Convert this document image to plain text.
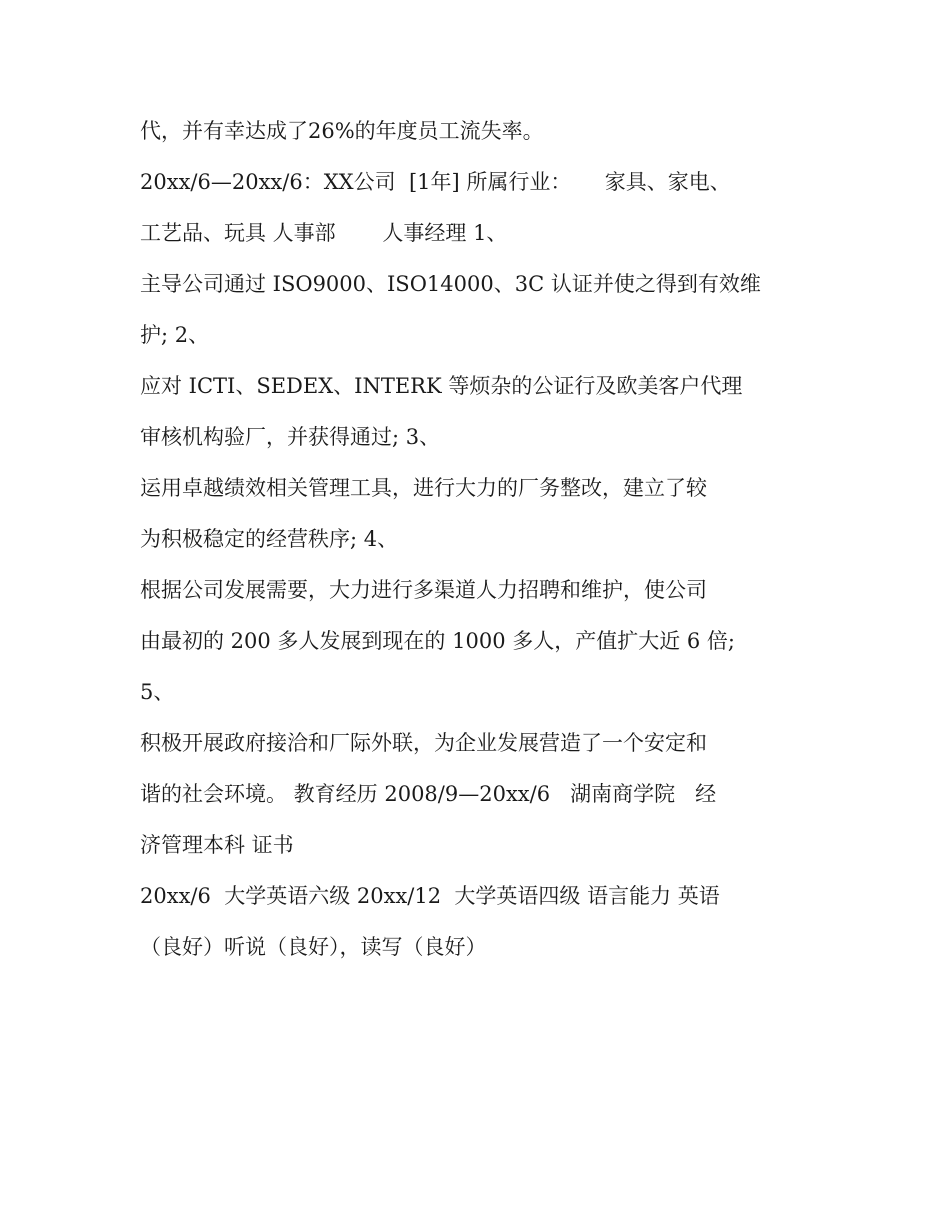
代，并有幸达成了26%的年度员工流失率。
20xx/6—20xx/6：XX公司  [1年] 所属行业：     家具、家电、
工艺品、玩具 人事部       人事经理 1、
主导公司通过 ISO9000、ISO14000、3C 认证并使之得到有效维
护; 2、
应对 ICTI、SEDEX、INTERK 等烦杂的公证行及欧美客户代理
审核机构验厂，并获得通过; 3、
运用卓越绩效相关管理工具，进行大力的厂务整改，建立了较
为积极稳定的经营秩序; 4、
根据公司发展需要，大力进行多渠道人力招聘和维护，使公司
由最初的 200 多人发展到现在的 1000 多人，产值扩大近 6 倍;
5、
积极开展政府接洽和厂际外联，为企业发展营造了一个安定和
谐的社会环境。 教育经历 2008/9—20xx/6   湖南商学院   经
济管理本科 证书
20xx/6  大学英语六级 20xx/12  大学英语四级 语言能力 英语
（良好）听说（良好），读写（良好）
